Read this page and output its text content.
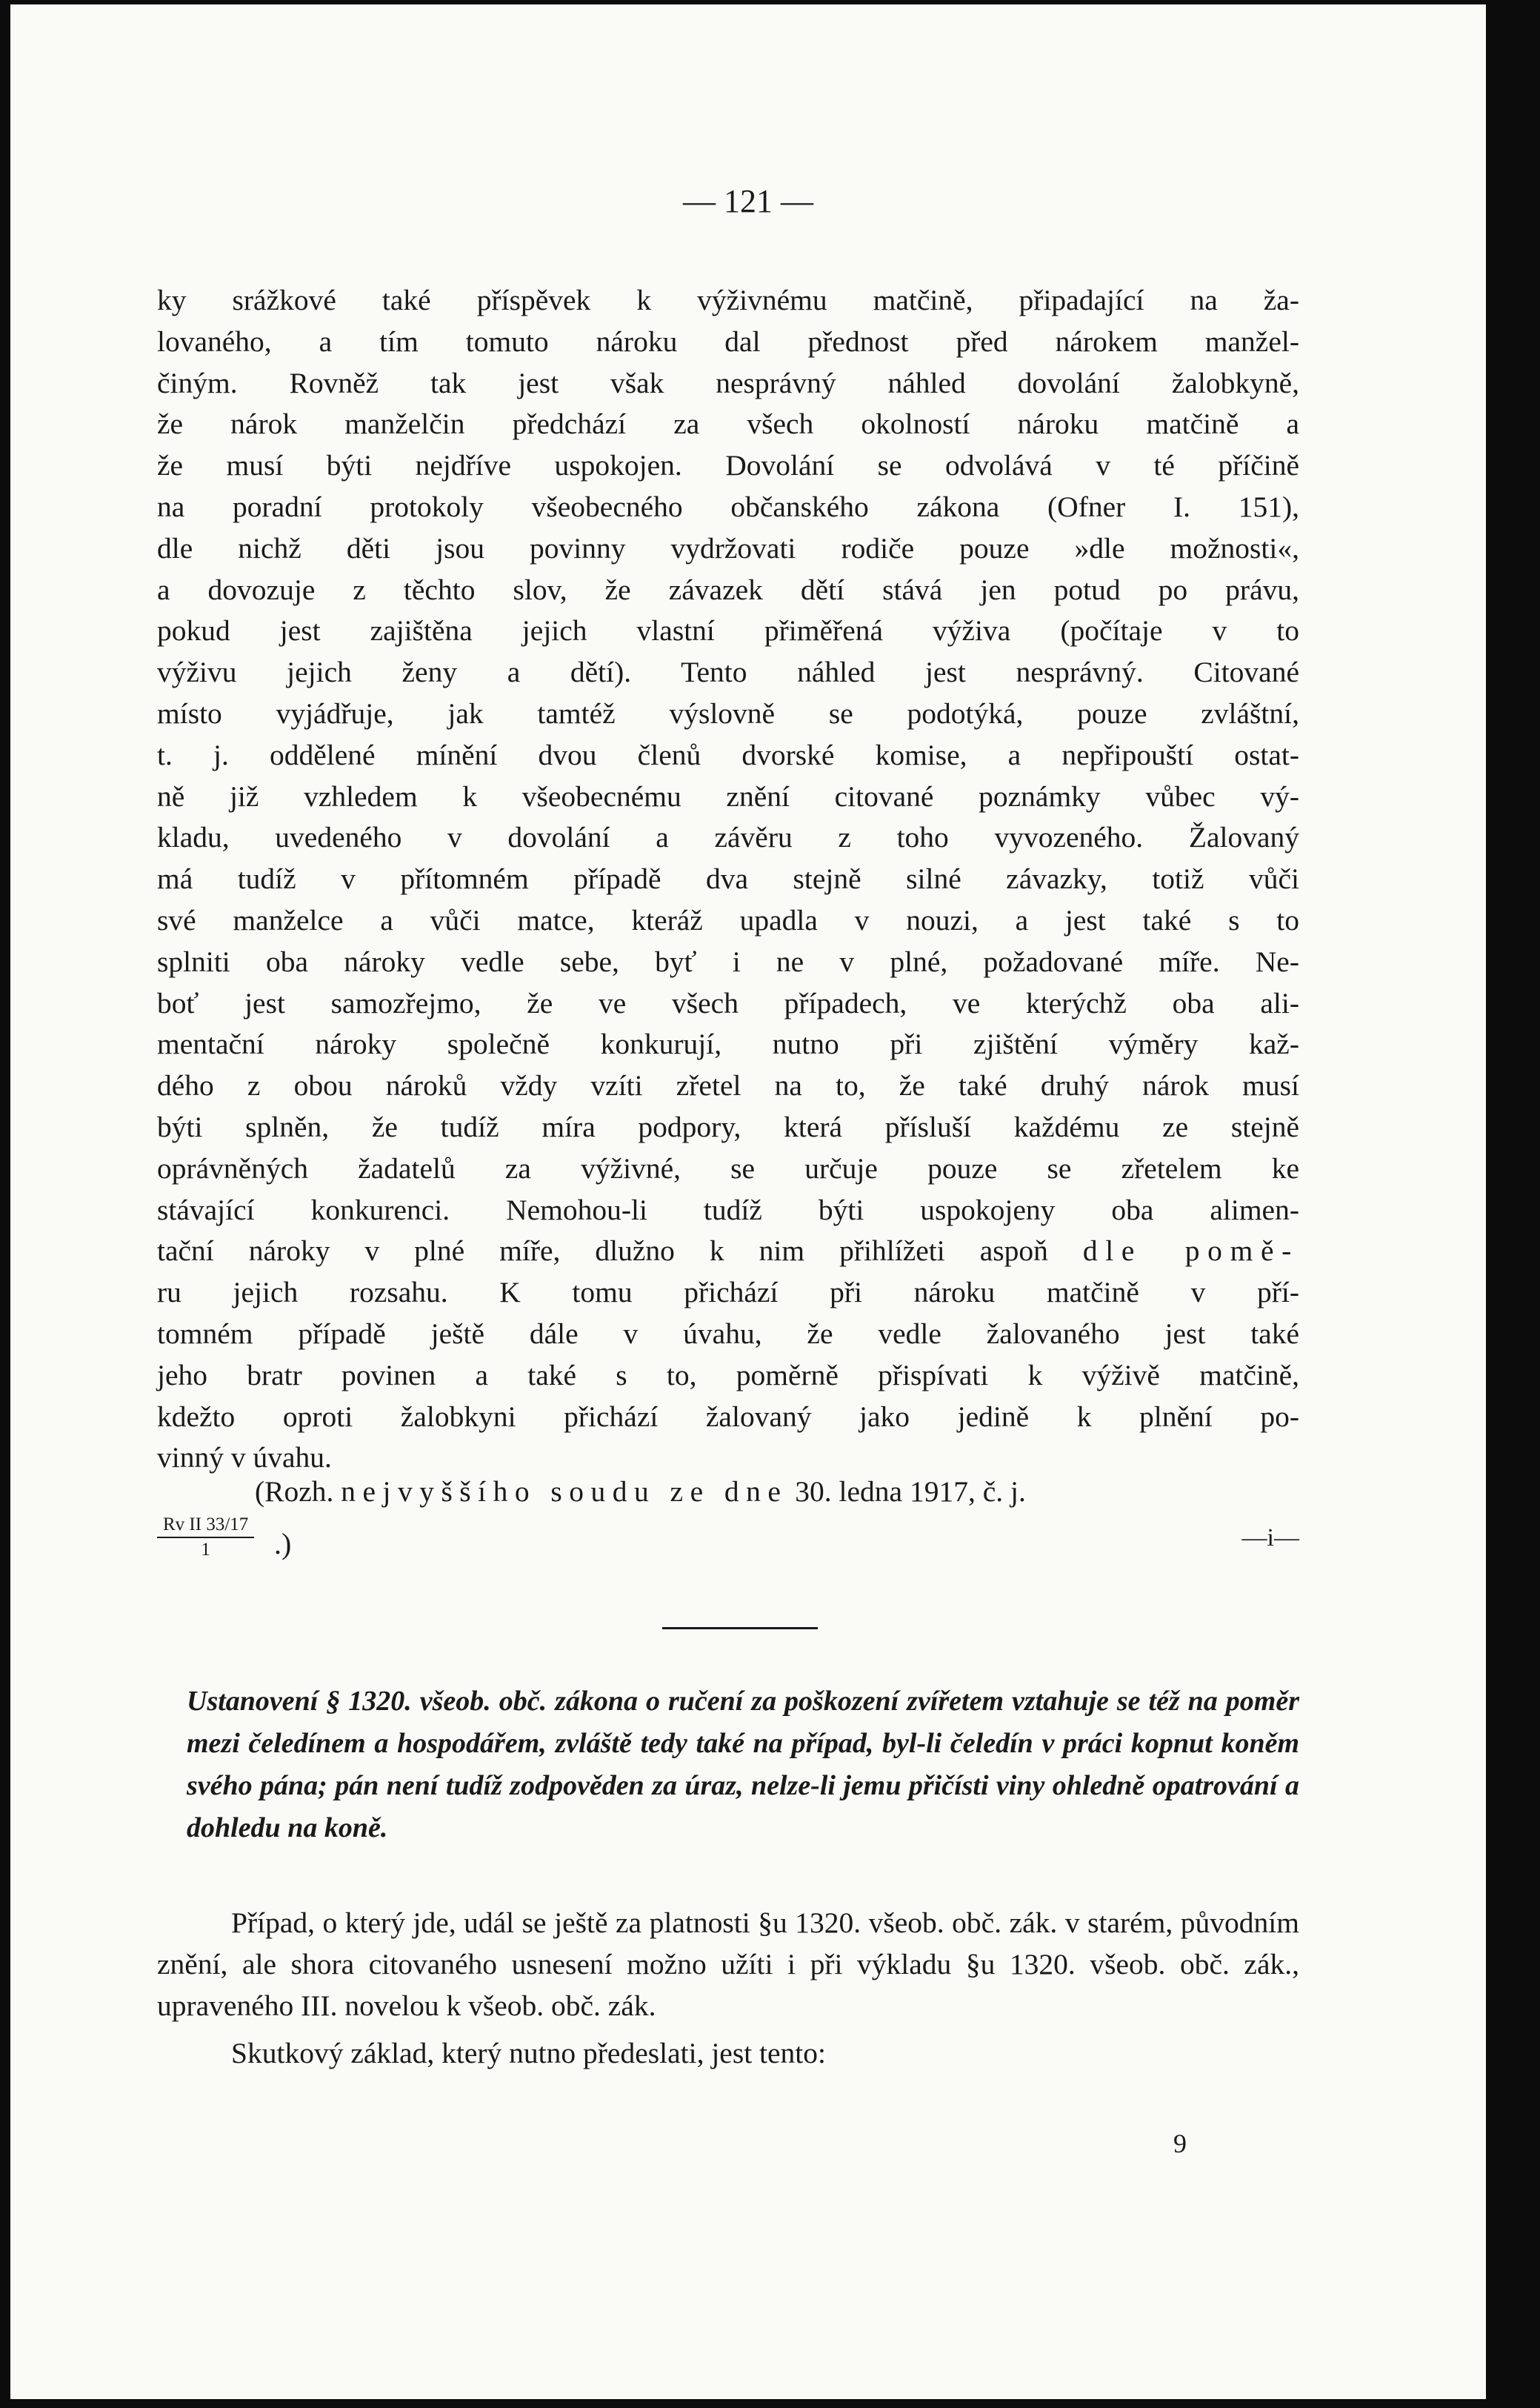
— 121 —
ky srážkové také příspěvek k výživnému matčině, připadající na ža-
lovaného, a tím tomuto nároku dal přednost před nárokem manžel-
činým. Rovněž tak jest však nesprávný náhled dovolání žalobkyně,
že nárok manželčin předchází za všech okolností nároku matčině a
že musí býti nejdříve uspokojen. Dovolání se odvolává v té příčině
na poradní protokoly všeobecného občanského zákona (Ofner I. 151),
dle nichž děti jsou povinny vydržovati rodiče pouze »dle možnosti«,
a dovozuje z těchto slov, že závazek dětí stává jen potud po právu,
pokud jest zajištěna jejich vlastní přiměřená výživa (počítaje v to
výživu jejich ženy a dětí). Tento náhled jest nesprávný. Citované
místo vyjádřuje, jak tamtéž výslovně se podotýká, pouze zvláštní,
t. j. oddělené mínění dvou členů dvorské komise, a nepřipouští ostat-
ně již vzhledem k všeobecnému znění citované poznámky vůbec vý-
kladu, uvedeného v dovolání a závěru z toho vyvozeného. Žalovaný
má tudíž v přítomném případě dva stejně silné závazky, totiž vůči
své manželce a vůči matce, kteráž upadla v nouzi, a jest také s to
splniti oba nároky vedle sebe, byť i ne v plné, požadované míře. Ne-
boť jest samozřejmo, že ve všech případech, ve kterýchž oba ali-
mentační nároky společně konkurují, nutno při zjištění výměry kaž-
dého z obou nároků vždy vzíti zřetel na to, že také druhý nárok musí
býti splněn, že tudíž míra podpory, která přísluší každému ze stejně
oprávněných žadatelů za výživné, se určuje pouze se zřetelem ke
stávající konkurenci. Nemohou-li tudíž býti uspokojeny oba alimen-
tační nároky v plné míře, dlužno k nim přihlížeti aspoň dle pomě-
ru jejich rozsahu. K tomu přichází při nároku matčině v pří-
tomném případě ještě dále v úvahu, že vedle žalovaného jest také
jeho bratr povinen a také s to, poměrně přispívati k výživě matčině,
kdežto oproti žalobkyni přichází žalovaný jako jedině k plnění po-
vinný v úvahu.
(Rozh. nejvyššího soudu ze dne 30. ledna 1917, č. j.
$\frac{\text{Rv II 33/17}}{1}$ .)	—i—
Ustanovení § 1320. všeob. obč. zákona o ručení za poškození zvířetem vztahuje se též na poměr mezi čeledínem a hospodářem, zvláště tedy také na případ, byl-li čeledín v práci kopnut koněm svého pána; pán není tudíž zodpověden za úraz, nelze-li jemu přičísti viny ohledně opatrování a dohledu na koně.
Případ, o který jde, udál se ještě za platnosti §u 1320. všeob. obč. zák. v starém, původním znění, ale shora citovaného usnesení možno užíti i při výkladu §u 1320. všeob. obč. zák., upraveného III. novelou k všeob. obč. zák.
Skutkový základ, který nutno předeslati, jest tento:
9
